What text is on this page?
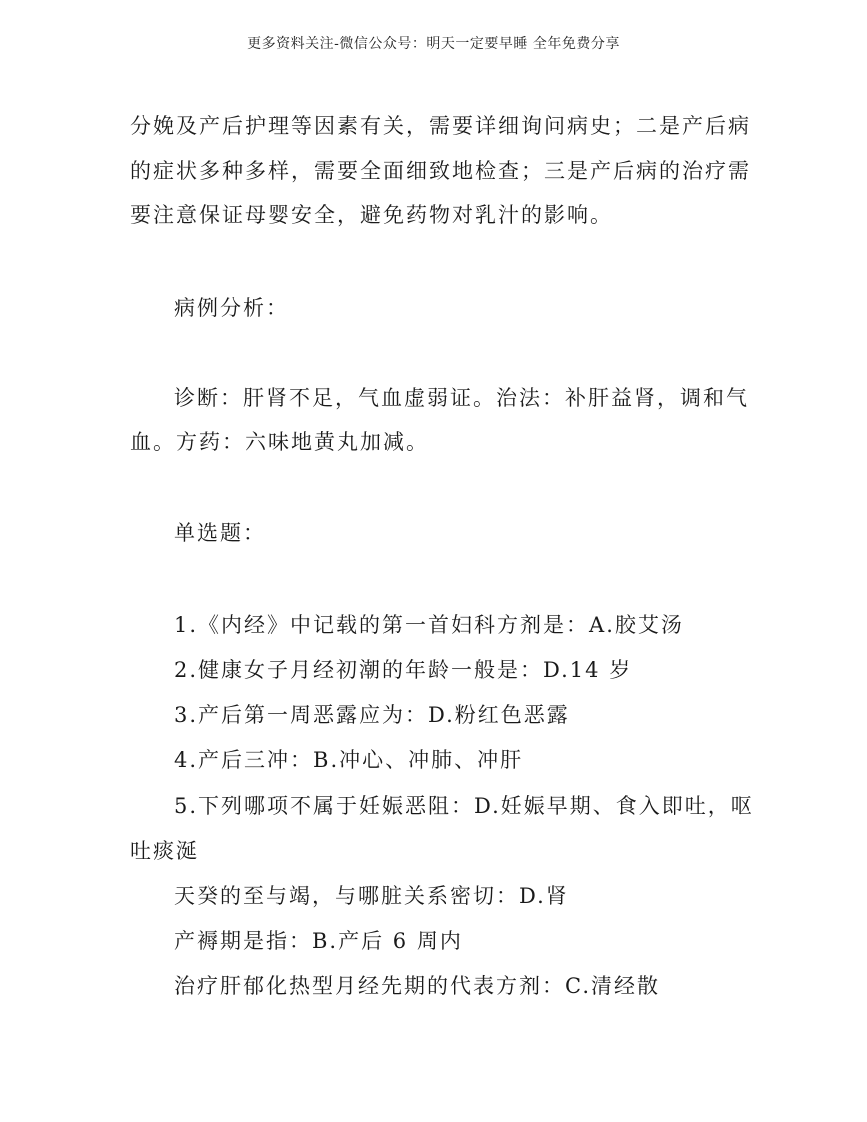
更多资料关注-微信公众号：明天一定要早睡 全年免费分享
分娩及产后护理等因素有关，需要详细询问病史；二是产后病
的症状多种多样，需要全面细致地检查；三是产后病的治疗需
要注意保证母婴安全，避免药物对乳汁的影响。
病例分析：
诊断：肝肾不足，气血虚弱证。治法：补肝益肾，调和气
血。方药：六味地黄丸加减。
单选题：
1.《内经》中记载的第一首妇科方剂是：A.胶艾汤
2.健康女子月经初潮的年龄一般是：D.14 岁
3.产后第一周恶露应为：D.粉红色恶露
4.产后三冲：B.冲心、冲肺、冲肝
5.下列哪项不属于妊娠恶阻：D.妊娠早期、食入即吐，呕
吐痰涎
天癸的至与竭，与哪脏关系密切：D.肾
产褥期是指：B.产后 6 周内
治疗肝郁化热型月经先期的代表方剂：C.清经散
